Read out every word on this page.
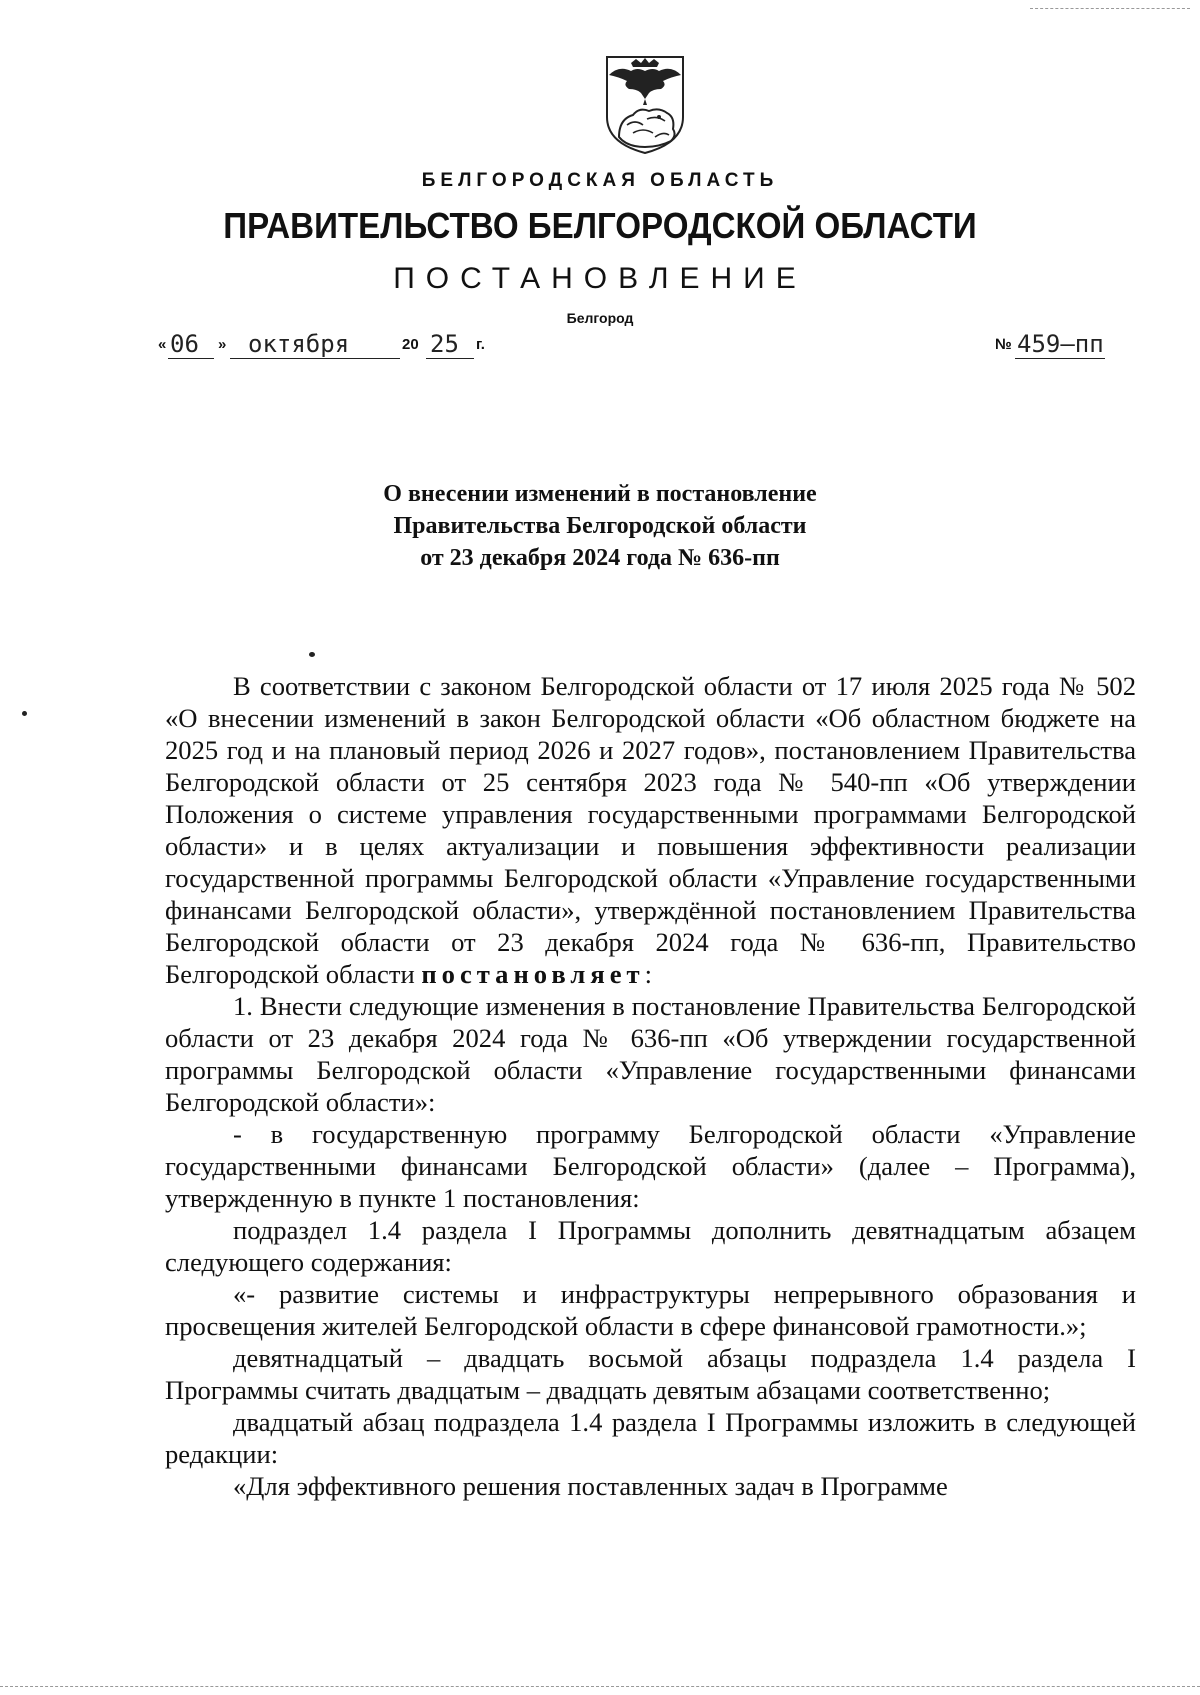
БЕЛГОРОДСКАЯ ОБЛАСТЬ
ПРАВИТЕЛЬСТВО БЕЛГОРОДСКОЙ ОБЛАСТИ
ПОСТАНОВЛЕНИЕ
Белгород
« 06 » октября	20 25 г.	№ 459–пп
О внесении изменений в постановление
Правительства Белгородской области
от 23 декабря 2024 года № 636-пп

В соответствии с законом Белгородской области от 17 июля 2025 года № 502 «О внесении изменений в закон Белгородской области «Об областном бюджете на 2025 год и на плановый период 2026 и 2027 годов», постановлением Правительства Белгородской области от 25 сентября 2023 года № 540-пп «Об утверждении Положения о системе управления государственными программами Белгородской области» и в целях актуализации и повышения эффективности реализации государственной программы Белгородской области «Управление государственными финансами Белгородской области», утверждённой постановлением Правительства Белгородской области от 23 декабря 2024 года № 636-пп, Правительство Белгородской области постановляет:

1. Внести следующие изменения в постановление Правительства Белгородской области от 23 декабря 2024 года № 636-пп «Об утверждении государственной программы Белгородской области «Управление государственными финансами Белгородской области»:

- в государственную программу Белгородской области «Управление государственными финансами Белгородской области» (далее – Программа), утвержденную в пункте 1 постановления:

подраздел 1.4 раздела I Программы дополнить девятнадцатым абзацем следующего содержания:

«- развитие системы и инфраструктуры непрерывного образования и просвещения жителей Белгородской области в сфере финансовой грамотности.»;

девятнадцатый – двадцать восьмой абзацы подраздела 1.4 раздела I Программы считать двадцатым – двадцать девятым абзацами соответственно;

двадцатый абзац подраздела 1.4 раздела I Программы изложить в следующей редакции:

«Для эффективного решения поставленных задач в Программе
